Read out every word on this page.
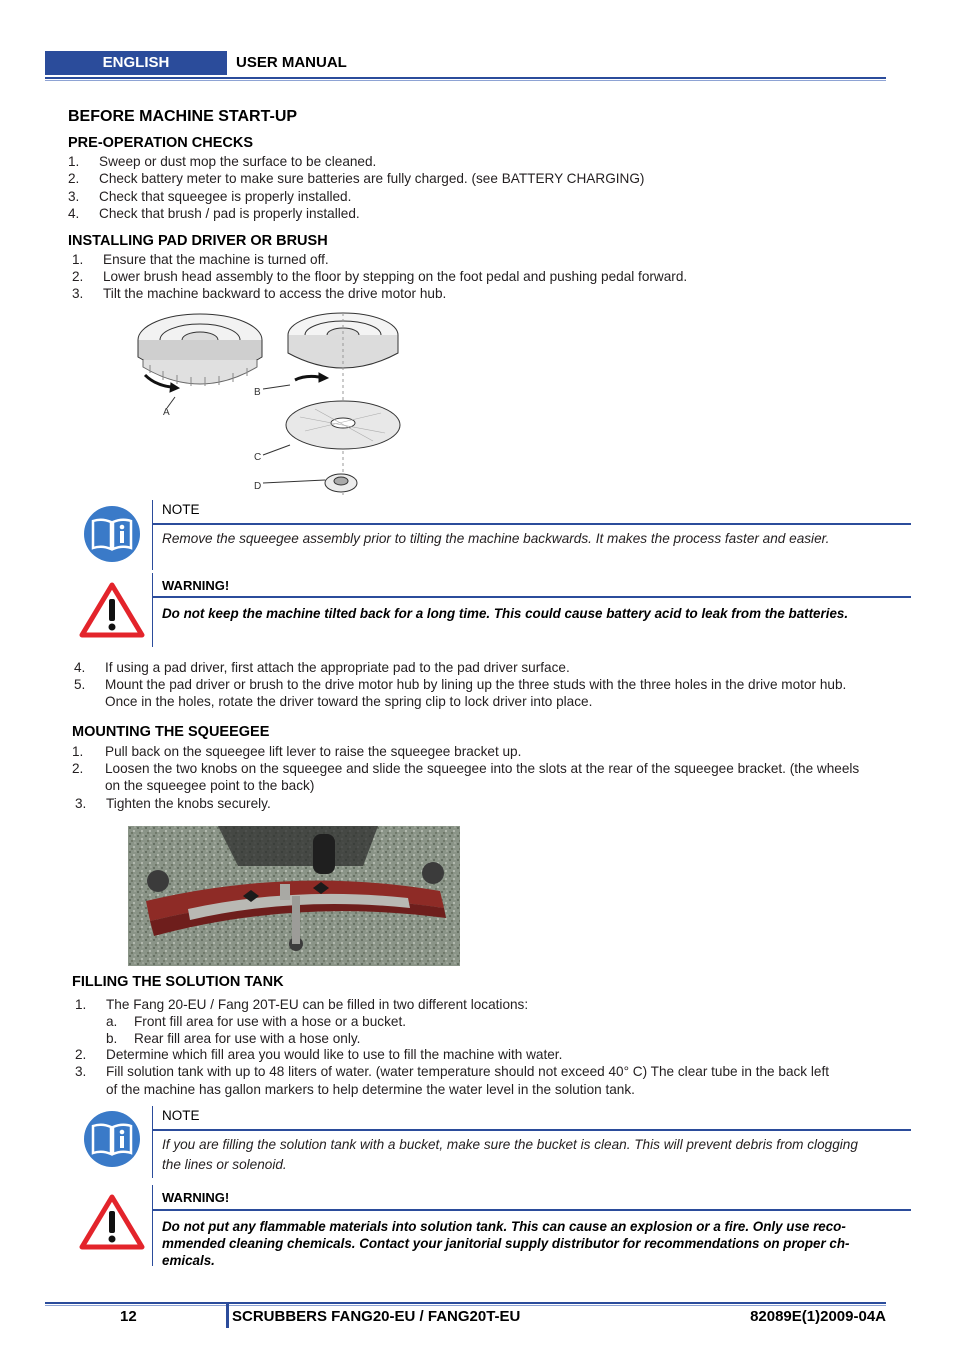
ENGLISH	USER MANUAL
BEFORE MACHINE START-UP
PRE-OPERATION CHECKS
1. Sweep or dust mop the surface to be cleaned.
2. Check battery meter to make sure batteries are fully charged. (see BATTERY CHARGING)
3. Check that squeegee is properly installed.
4. Check that brush / pad is properly installed.
INSTALLING PAD DRIVER OR BRUSH
1. Ensure that the machine is turned off.
2. Lower brush head assembly to the floor by stepping on the foot pedal and pushing pedal forward.
3. Tilt the machine backward to access the drive motor hub.
A
B
C
D
NOTE
Remove the squeegee assembly prior to tilting the machine backwards. It makes the process faster and easier.
WARNING!
Do not keep the machine tilted back for a long time. This could cause battery acid to leak from the batteries.
4. If using a pad driver, first attach the appropriate pad to the pad driver surface.
5. Mount the pad driver or brush to the drive motor hub by lining up the three studs with the three holes in the drive motor hub.
Once in the holes, rotate the driver toward the spring clip to lock driver into place.
MOUNTING THE SQUEEGEE
1. Pull back on the squeegee lift lever to raise the squeegee bracket up.
2. Loosen the two knobs on the squeegee and slide the squeegee into the slots at the rear of the squeegee bracket. (the wheels
on the squeegee point to the back)
3. Tighten the knobs securely.
FILLING THE SOLUTION TANK
1. The Fang 20-EU / Fang 20T-EU can be filled in two different locations:
a. Front fill area for use with a hose or a bucket.
b. Rear fill area for use with a hose only.
2. Determine which fill area you would like to use to fill the machine with water.
3. Fill solution tank with up to 48 liters of water. (water temperature should not exceed 40° C) The clear tube in the back left
of the machine has gallon markers to help determine the water level in the solution tank.
NOTE
If you are filling the solution tank with a bucket, make sure the bucket is clean. This will prevent debris from clogging
the lines or solenoid.
WARNING!
Do not put any flammable materials into solution tank. This can cause an explosion or a fire. Only use reco-
mmended cleaning chemicals. Contact your janitorial supply distributor for recommendations on proper ch-
emicals.
12	SCRUBBERS FANG20-EU / FANG20T-EU	82089E(1)2009-04A
